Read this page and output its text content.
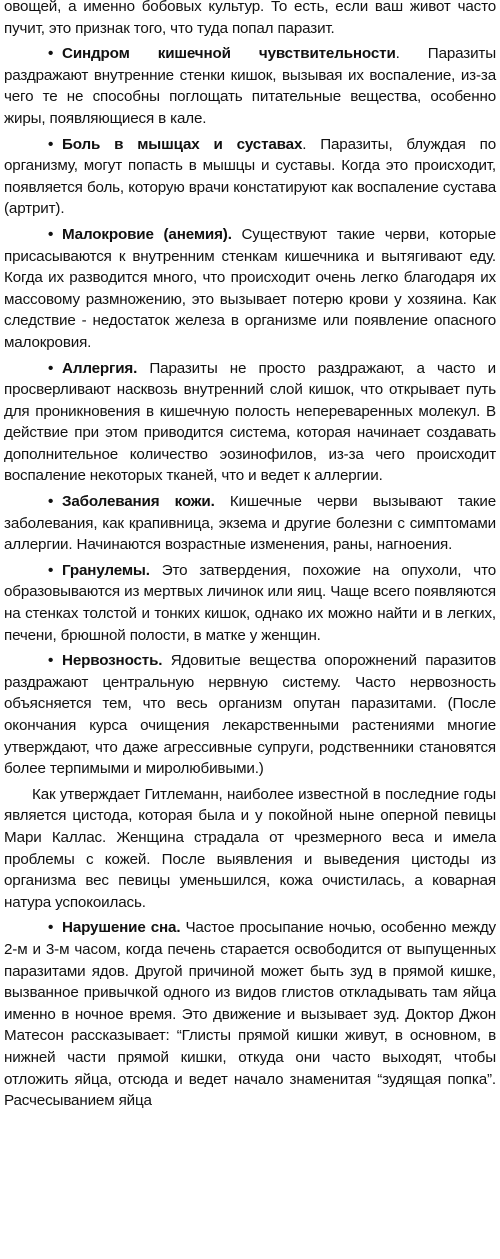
овощей, а именно бобовых культур. То есть, если ваш живот часто пучит, это признак того, что туда попал паразит.

• Синдром кишечной чувствительности. Паразиты раздражают внутренние стенки кишок, вызывая их воспаление, из-за чего те не способны поглощать питательные вещества, особенно жиры, появляющиеся в кале.

• Боль в мышцах и суставах. Паразиты, блуждая по организму, могут попасть в мышцы и суставы. Когда это происходит, появляется боль, которую врачи констатируют как воспаление сустава (артрит).

• Малокровие (анемия). Существуют такие черви, которые присасываются к внутренним стенкам кишечника и вытягивают еду. Когда их разводится много, что происходит очень легко благодаря их массовому размножению, это вызывает потерю крови у хозяина. Как следствие - недостаток железа в организме или появление опасного малокровия.

• Аллергия. Паразиты не просто раздражают, а часто и просверливают насквозь внутренний слой кишок, что открывает путь для проникновения в кишечную полость непереваренных молекул. В действие при этом приводится система, которая начинает создавать дополнительное количество эозинофилов, из-за чего происходит воспаление некоторых тканей, что и ведет к аллергии.

• Заболевания кожи. Кишечные черви вызывают такие заболевания, как крапивница, экзема и другие болезни с симптомами аллергии. Начинаются возрастные изменения, раны, нагноения.

• Гранулемы. Это затвердения, похожие на опухоли, что образовываются из мертвых личинок или яиц. Чаще всего появляются на стенках толстой и тонких кишок, однако их можно найти и в легких, печени, брюшной полости, в матке у женщин.

• Нервозность. Ядовитые вещества опорожнений паразитов раздражают центральную нервную систему. Часто нервозность объясняется тем, что весь организм опутан паразитами. (После окончания курса очищения лекарственными растениями многие утверждают, что даже агрессивные супруги, родственники становятся более терпимыми и миролюбивыми.)

Как утверждает Гитлеманн, наиболее известной в последние годы является цистода, которая была и у покойной ныне оперной певицы Мари Каллас. Женщина страдала от чрезмерного веса и имела проблемы с кожей. После выявления и выведения цистоды из организма вес певицы уменьшился, кожа очистилась, а коварная натура успокоилась.

• Нарушение сна. Частое просыпание ночью, особенно между 2-м и 3-м часом, когда печень старается освободится от выпущенных паразитами ядов. Другой причиной может быть зуд в прямой кишке, вызванное привычкой одного из видов глистов откладывать там яйца именно в ночное время. Это движение и вызывает зуд. Доктор Джон Матесон рассказывает: “Глисты прямой кишки живут, в основном, в нижней части прямой кишки, откуда они часто выходят, чтобы отложить яйца, отсюда и ведет начало знаменитая “зудящая попка”. Расчесыванием яйца
